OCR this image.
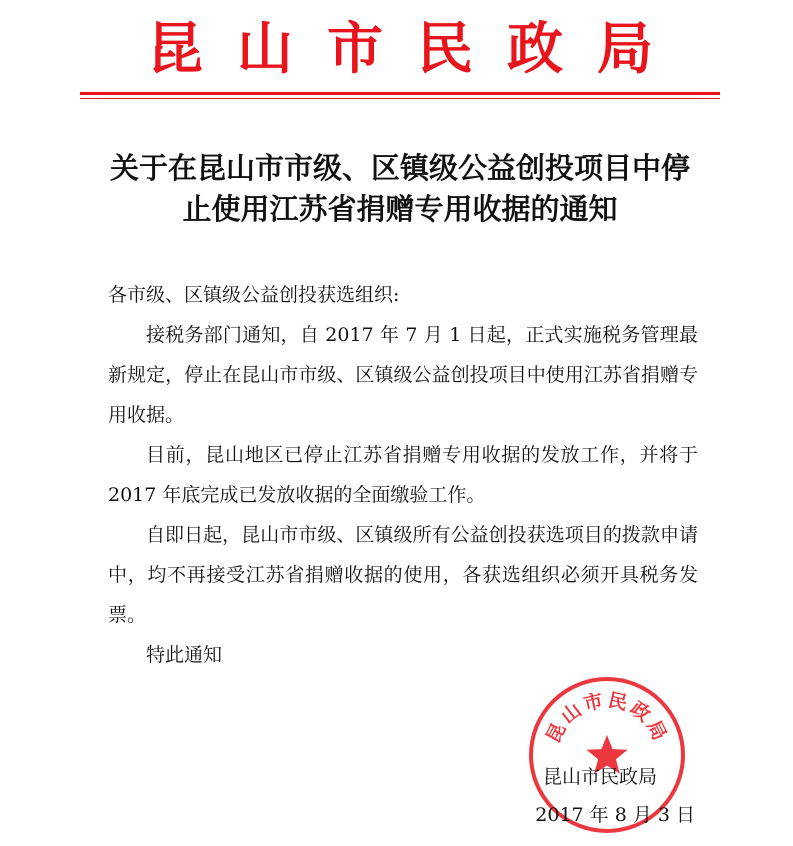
昆山市民政局
关于在昆山市市级、区镇级公益创投项目中停
止使用江苏省捐赠专用收据的通知

各市级、区镇级公益创投获选组织:

接税务部门通知，自 2017 年 7 月 1 日起，正式实施税务管理最新规定，停止在昆山市市级、区镇级公益创投项目中使用江苏省捐赠专用收据。

目前，昆山地区已停止江苏省捐赠专用收据的发放工作，并将于 2017 年底完成已发放收据的全面缴验工作。

自即日起，昆山市市级、区镇级所有公益创投获选项目的拨款申请中，均不再接受江苏省捐赠收据的使用，各获选组织必须开具税务发票。

特此通知

昆山市民政局
昆山市民政局
2017 年 8 月 3 日
